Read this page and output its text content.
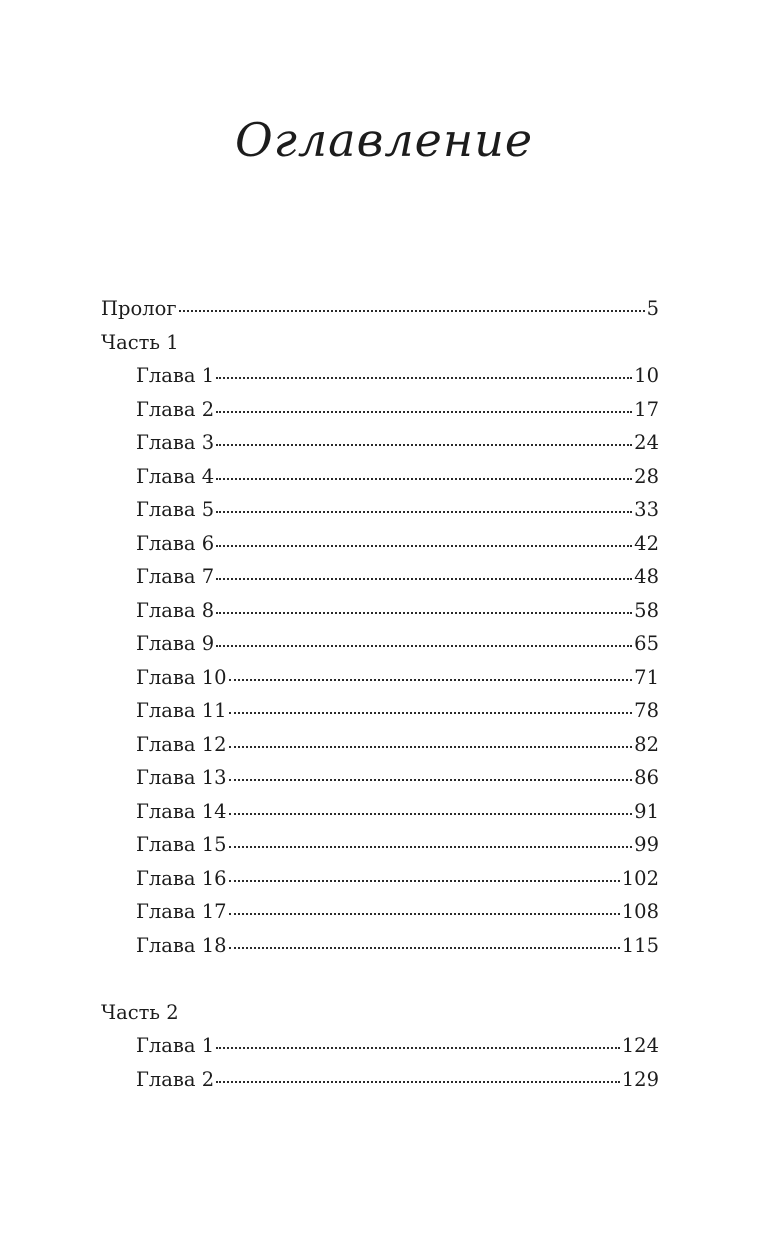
Оглавление
Пролог	5
Часть 1
Глава 1	10
Глава 2	17
Глава 3	24
Глава 4	28
Глава 5	33
Глава 6	42
Глава 7	48
Глава 8	58
Глава 9	65
Глава 10	71
Глава 11	78
Глава 12	82
Глава 13	86
Глава 14	91
Глава 15	99
Глава 16	102
Глава 17	108
Глава 18	115
Часть 2
Глава 1	124
Глава 2	129
